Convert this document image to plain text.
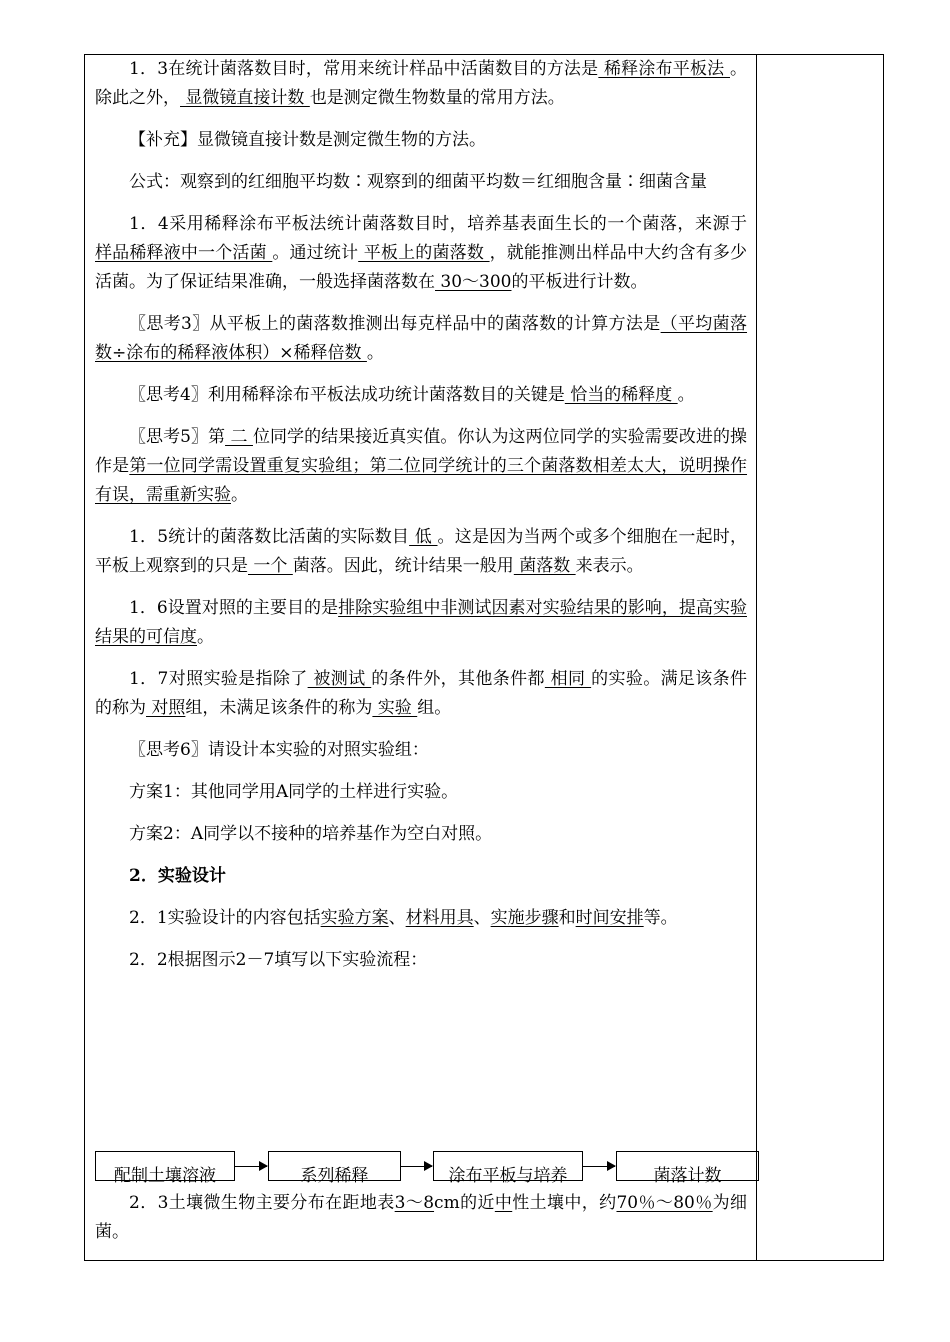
1．3在统计菌落数目时，常用来统计样品中活菌数目的方法是 稀释涂布平板法 。除此之外， 显微镜直接计数 也是测定微生物数量的常用方法。

【补充】显微镜直接计数是测定微生物的方法。

公式：观察到的红细胞平均数∶观察到的细菌平均数＝红细胞含量∶细菌含量

1．4采用稀释涂布平板法统计菌落数目时，培养基表面生长的一个菌落，来源于 样品稀释液中一个活菌 。通过统计 平板上的菌落数 ，就能推测出样品中大约含有多少活菌。为了保证结果准确，一般选择菌落数在 30～300的平板进行计数。

〖思考3〗从平板上的菌落数推测出每克样品中的菌落数的计算方法是（平均菌落数÷涂布的稀释液体积）×稀释倍数 。

〖思考4〗利用稀释涂布平板法成功统计菌落数目的关键是 恰当的稀释度 。

〖思考5〗第 二 位同学的结果接近真实值。你认为这两位同学的实验需要改进的操作是第一位同学需设置重复实验组；第二位同学统计的三个菌落数相差太大，说明操作有误，需重新实验。

1．5统计的菌落数比活菌的实际数目 低 。这是因为当两个或多个细胞在一起时，平板上观察到的只是 一个 菌落。因此，统计结果一般用 菌落数 来表示。

1．6设置对照的主要目的是排除实验组中非测试因素对实验结果的影响，提高实验结果的可信度。

1．7对照实验是指除了 被测试 的条件外，其他条件都 相同 的实验。满足该条件的称为 对照组，未满足该条件的称为 实验 组。

〖思考6〗请设计本实验的对照实验组：

方案1：其他同学用A同学的土样进行实验。

方案2：A同学以不接种的培养基作为空白对照。

2．实验设计

2．1实验设计的内容包括实验方案、材料用具、实施步骤和时间安排等。

2．2根据图示2－7填写以下实验流程：

配制土壤溶液	系列稀释	涂布平板与培养	菌落计数

2．3土壤微生物主要分布在距地表3～8cm的近中性土壤中，约70％～80％为细菌。
